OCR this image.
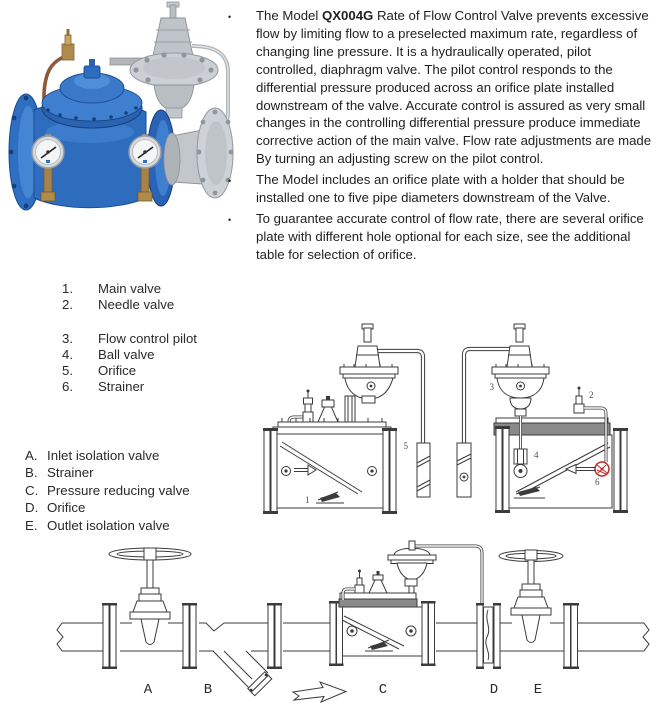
•	The Model QX004G Rate of Flow Control Valve prevents excessive flow by limiting flow to a preselected maximum rate, regardless of changing line pressure. It is a hydraulically operated, pilot controlled, diaphragm valve. The pilot control responds to the differential pressure produced across an orifice plate installed downstream of the valve. Accurate control is assured as very small changes in the controlling differential pressure produce immediate corrective action of the main valve. Flow rate adjustments are made By turning an adjusting screw on the pilot control.
•	The Model includes an orifice plate with a holder that should be installed one to five pipe diameters downstream of the Valve.
•	To guarantee accurate control of flow rate, there are several orifice plate with different hole optional for each size, see the additional table for selection of orifice.
1. Main valve
2. Needle valve
3. Flow control pilot
4. Ball valve
5. Orifice
6. Strainer
A. Inlet isolation valve
B. Strainer
C. Pressure reducing valve
D. Orifice
E. Outlet isolation valve
1
5
2
3
4
6
A	B	C	D	E
